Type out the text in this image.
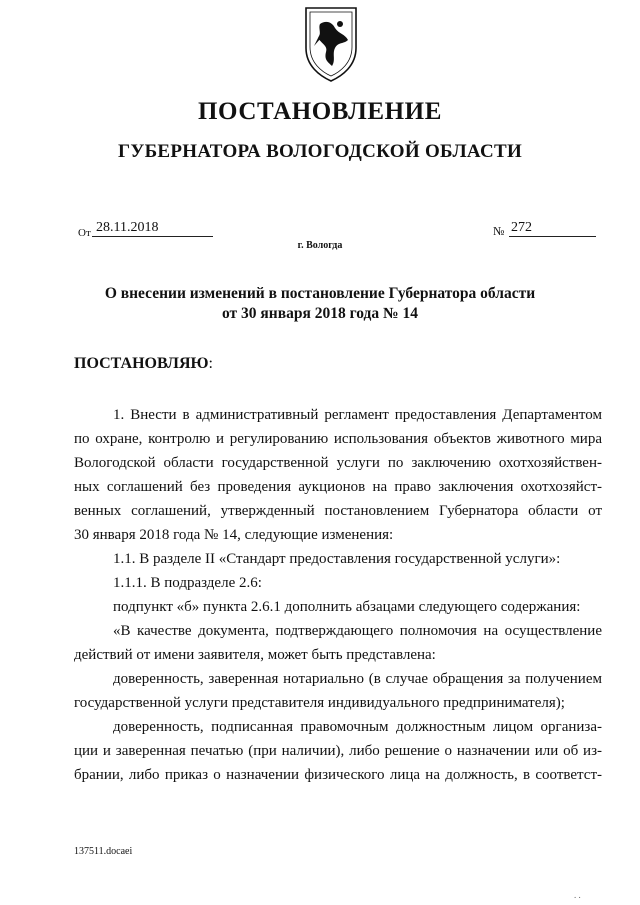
ПОСТАНОВЛЕНИЕ
ГУБЕРНАТОРА ВОЛОГОДСКОЙ ОБЛАСТИ
От 28.11.2018	№ 272
г. Вологда
О внесении изменений в постановление Губернатора области
от 30 января 2018 года № 14
ПОСТАНОВЛЯЮ:
1. Внести в административный регламент предоставления Департаментом
по охране, контролю и регулированию использования объектов животного мира
Вологодской области государственной услуги по заключению охотхозяйствен-
ных соглашений без проведения аукционов на право заключения охотхозяйст-
венных соглашений, утвержденный постановлением Губернатора области от
30 января 2018 года № 14, следующие изменения:
1.1. В разделе II «Стандарт предоставления государственной услуги»:
1.1.1. В подразделе 2.6:
подпункт «б» пункта 2.6.1 дополнить абзацами следующего содержания:
«В качестве документа, подтверждающего полномочия на осуществление
действий от имени заявителя, может быть представлена:
доверенность, заверенная нотариально (в случае обращения за получением
государственной услуги представителя индивидуального предпринимателя);
доверенность, подписанная правомочным должностным лицом организа-
ции и заверенная печатью (при наличии), либо решение о назначении или об из-
брании, либо приказ о назначении физического лица на должность, в соответст-
137511.docaei
. .
